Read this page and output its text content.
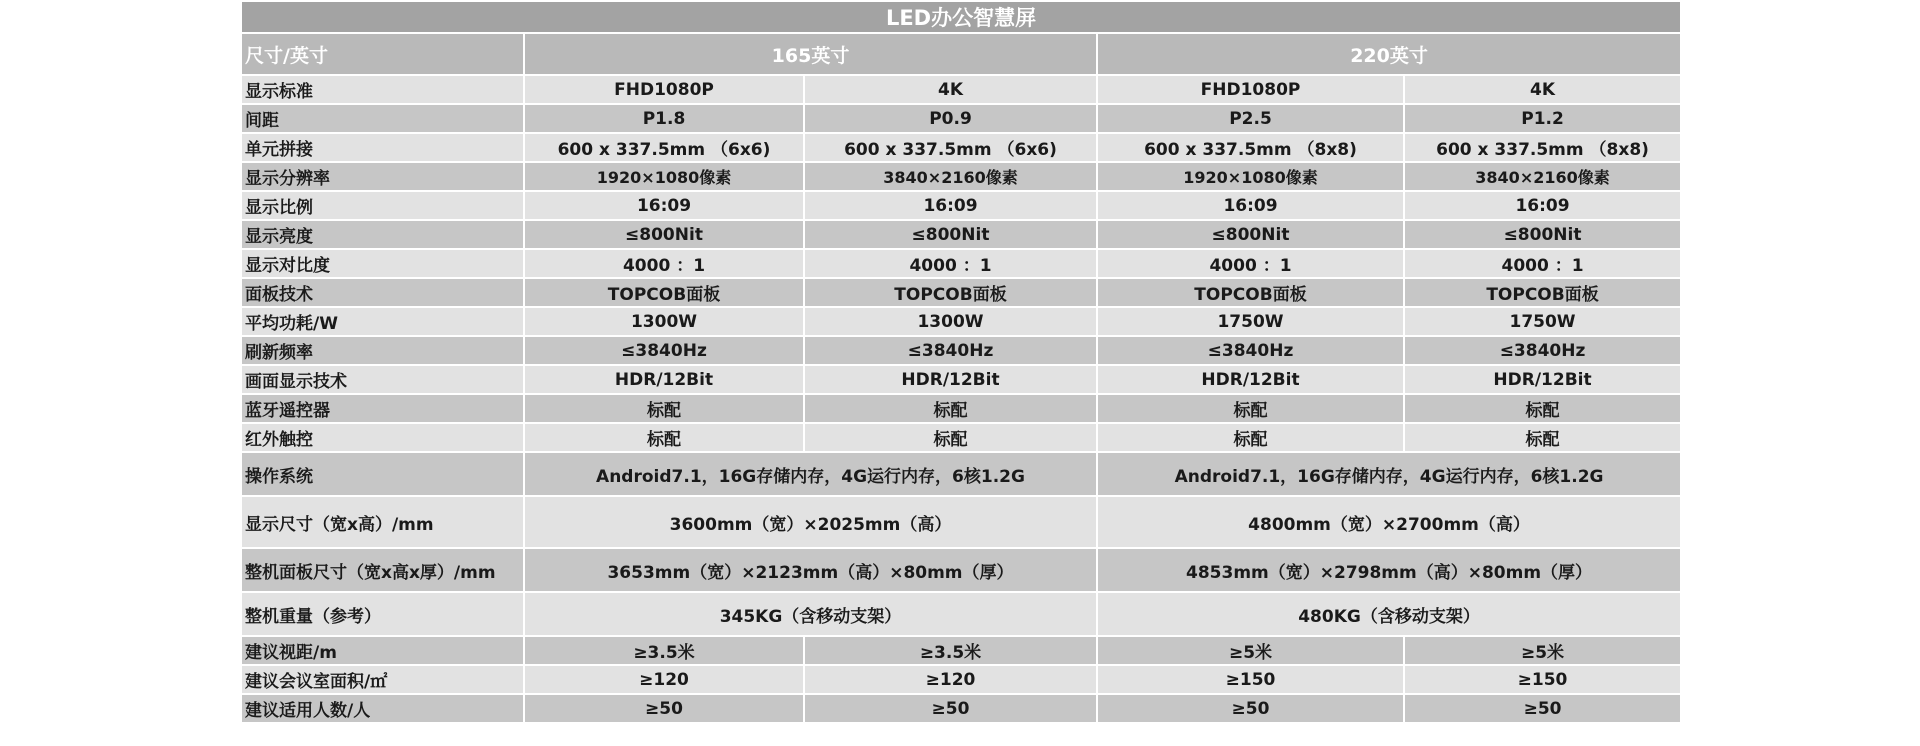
LED办公智慧屏				
尺寸/英寸	165英寸		220英寸	
显示标准	FHD1080P	4K	FHD1080P	4K
间距	P1.8	P0.9	P2.5	P1.2
单元拼接	600 x 337.5mm （6x6)	600 x 337.5mm （6x6)	600 x 337.5mm （8x8)	600 x 337.5mm （8x8)
显示分辨率	1920×1080像素	3840×2160像素	1920×1080像素	3840×2160像素
显示比例	16:09	16:09	16:09	16:09
显示亮度	≤800Nit	≤800Nit	≤800Nit	≤800Nit
显示对比度	4000 ：1	4000 ：1	4000 ：1	4000 ：1
面板技术	TOPCOB面板	TOPCOB面板	TOPCOB面板	TOPCOB面板
平均功耗/W	1300W	1300W	1750W	1750W
刷新频率	≤3840Hz	≤3840Hz	≤3840Hz	≤3840Hz
画面显示技术	HDR/12Bit	HDR/12Bit	HDR/12Bit	HDR/12Bit
蓝牙遥控器	标配	标配	标配	标配
红外触控	标配	标配	标配	标配
操作系统	Android7.1，16G存储内存，4G运行内存，6核1.2G		Android7.1，16G存储内存，4G运行内存，6核1.2G	
显示尺寸（宽x高）/mm	3600mm（宽）×2025mm（高）		4800mm（宽）×2700mm（高）	
整机面板尺寸（宽x高x厚）/mm	3653mm（宽）×2123mm（高）×80mm（厚）		4853mm（宽）×2798mm（高）×80mm（厚）	
整机重量（参考）	345KG（含移动支架）		480KG（含移动支架）	
建议视距/m	≥3.5米	≥3.5米	≥5米	≥5米
建议会议室面积/㎡	≥120	≥120	≥150	≥150
建议适用人数/人	≥50	≥50	≥50	≥50
